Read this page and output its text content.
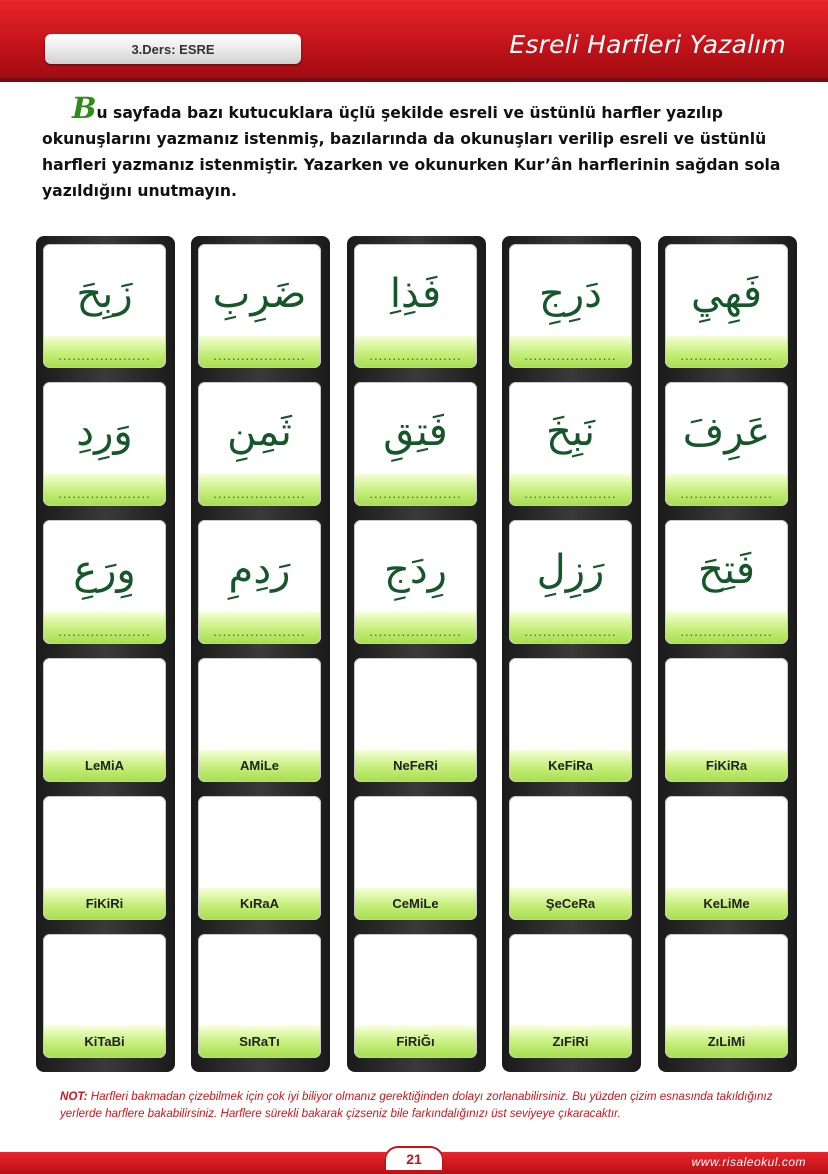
3.Ders: ESRE	Esreli Harfleri Yazalım
Bu sayfada bazı kutucuklara üçlü şekilde esreli ve üstünlü harfler yazılıp okunuşlarını yazmanız istenmiş, bazılarında da okunuşları verilip esreli ve üstünlü harfleri yazmanız istenmiştir. Yazarken ve okunurken Kur’ân harflerinin sağdan sola yazıldığını unutmayın.
زَبِحَ
....................
وَرِدِ
....................
وِرَعِ
....................
LeMiA
FiKiRi
KiTaBi
ضَرِبِ
....................
ثَمِنِ
....................
رَدِمِ
....................
AMiLe
KıRaA
SıRaTı
فَذِاِ
....................
فَتِقِ
....................
رِدَجِ
....................
NeFeRi
CeMiLe
FiRiĞı
دَرِجِ
....................
نَبِخَ
....................
رَزِلِ
....................
KeFiRa
ŞeCeRa
ZıFiRi
فَهِيِ
....................
عَرِفَ
....................
فَتِحَ
....................
FiKiRa
KeLiMe
ZıLiMi
NOT: Harfleri bakmadan çizebilmek için çok iyi biliyor olmanız gerektiğinden dolayı zorlanabilirsiniz. Bu yüzden çizim esnasında takıldığınız yerlerde harflere bakabilirsiniz. Harflere sürekli bakarak çizseniz bile farkındalığınızı üst seviyeye çıkaracaktır.
21	www.risaleokul.com
